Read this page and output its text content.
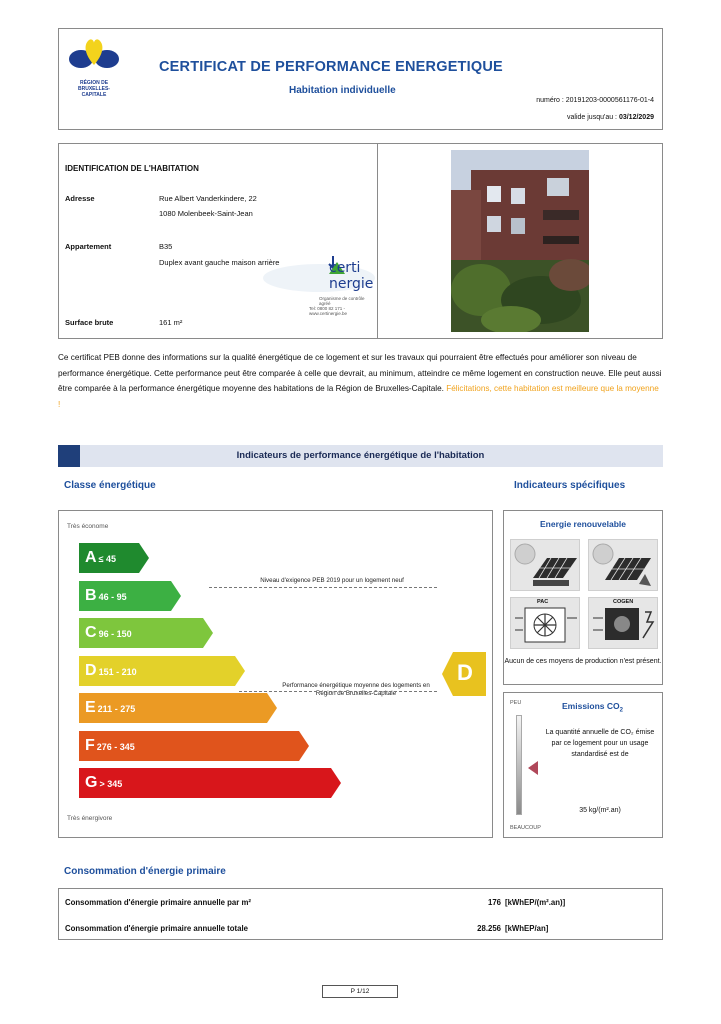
RÉGION DE BRUXELLES-CAPITALE
CERTIFICAT DE PERFORMANCE ENERGETIQUE
Habitation individuelle
numéro : 20191203-0000561176-01-4
valide jusqu'au : 03/12/2029
IDENTIFICATION DE L'HABITATION
Adresse	Rue Albert Vanderkindere, 22
1080 Molenbeek-Saint-Jean
Appartement	B35
Duplex avant gauche maison arrière
Surface brute	161 m²
certi nergie
Organisme de contrôle agréé
Tel: 0800 82 171 - www.certinergie.be
Ce certificat PEB donne des informations sur la qualité énergétique de ce logement et sur les travaux qui pourraient être effectués pour améliorer son niveau de performance énergétique. Cette performance peut être comparée à celle que devrait, au minimum, atteindre ce même logement en construction neuve. Elle peut aussi être comparée à la performance énergétique moyenne des habitations de la Région de Bruxelles-Capitale. Félicitations, cette habitation est meilleure que la moyenne !
Indicateurs de performance énergétique de l'habitation
Classe énergétique	Indicateurs spécifiques
Très économe
A ≤ 45
B 46 - 95
C 96 - 150
D 151 - 210
E 211 - 275
F 276 - 345
G > 345
Niveau d'exigence PEB 2019 pour un logement neuf
Performance énergétique moyenne des logements en Région de Bruxelles-Capitale
D
Très énergivore
Energie renouvelable
PAC	COGEN
Aucun de ces moyens de production n'est présent.
Emissions $CO_2$
PEU
BEAUCOUP
La quantité annuelle de CO₂ émise par ce logement pour un usage standardisé est de
35 kg/(m².an)
Consommation d'énergie primaire
Consommation d'énergie primaire annuelle par m²	176 [kWhEP/(m².an)]
Consommation d'énergie primaire annuelle totale	28.256 [kWhEP/an]
P 1/12
